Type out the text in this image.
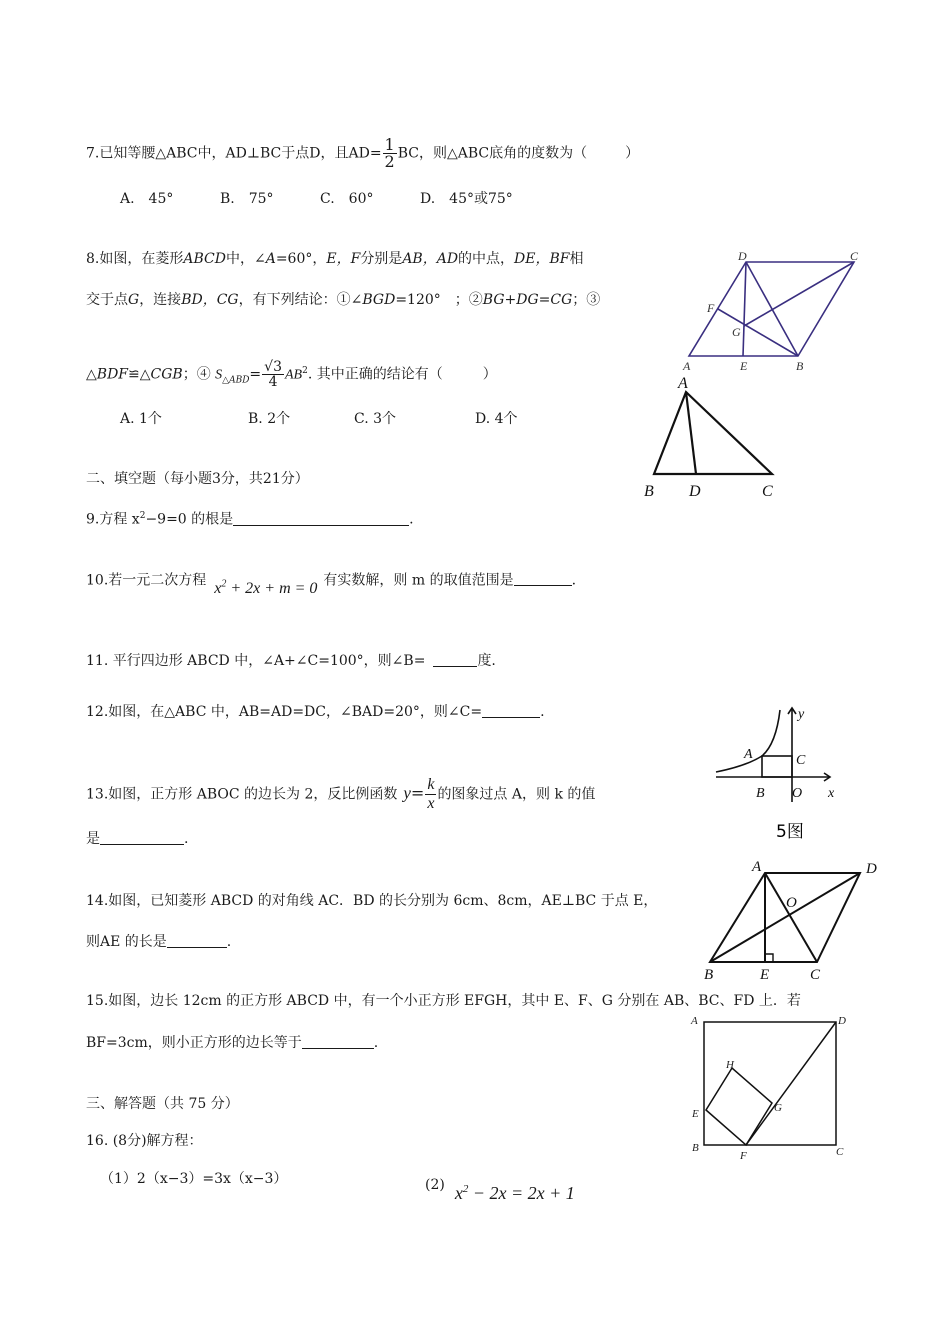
7.已知等腰△ABC中，AD⊥BC于点D，且$AD= \frac{1}{2}$ BC，则△ABC底角的度数为（	）
A.　45°	B.　75°	C.　60°	D.　45°或75°
8.如图，在菱形ABCD中，∠A=60°，E，F分别是AB，AD的中点，DE，BF相
交于点G，连接BD，CG，有下列结论：①∠BGD=120°　；②BG+DG=CG；③
△BDF≌△CGB；④ $S_{\triangle ABD}= \frac{√3}{4} AB^2$. 其中正确的结论有（	）
A. 1个	B. 2个	C. 3个	D. 4个
二、填空题（每小题3分，共21分）
9.方程 $x^2-9=0$ 的根是	.
10.若一元二次方程 $x^2 + 2x + m = 0$ 有实数解，则 m 的取值范围是	.
11. 平行四边形 ABCD 中，∠A+∠C=100°，则∠B=	度.
12.如图，在△ABC 中，AB=AD=DC，∠BAD=20°，则∠C=	.
13.如图，正方形 ABOC 的边长为 2，反比例函数 $y= \frac{k}{x}$ 的图象过点 A，则 k 的值
是	.
14.如图，已知菱形 ABCD 的对角线 AC．BD 的长分别为 6cm、8cm，AE⊥BC 于点 E，
则AE 的长是	.
15.如图，边长 12cm 的正方形 ABCD 中，有一个小正方形 EFGH，其中 E、F、G 分别在 AB、BC、FD 上．若
BF=3cm，则小正方形的边长等于	.
三、解答题（共 75 分）
16. (8分)解方程：
（1）2（x−3）=3x（x−3）	(2) $x^2 - 2x = 2x + 1$
D	C
F
G
A	E	B
A
B D	C
y
A	C
B O x
5图
A	D
O
B	E	C
A	D
H
G
E
B
F	C
